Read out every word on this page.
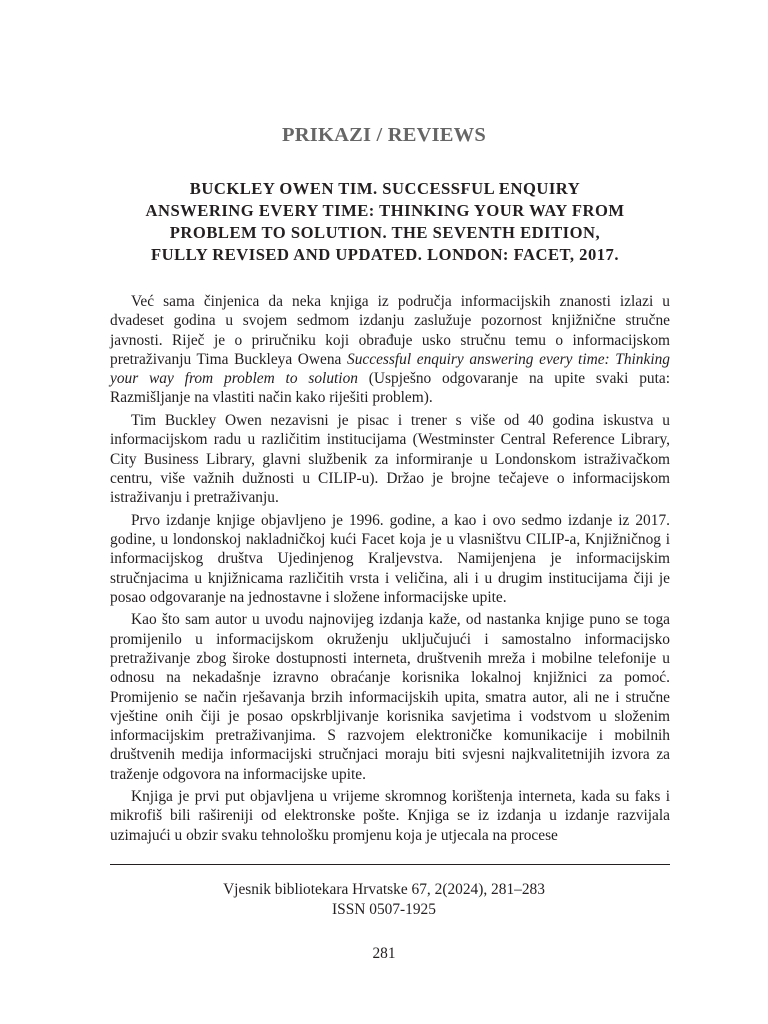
PRIKAZI / REVIEWS
BUCKLEY OWEN TIM. SUCCESSFUL ENQUIRY
ANSWERING EVERY TIME: THINKING YOUR WAY FROM
PROBLEM TO SOLUTION. THE SEVENTH EDITION,
FULLY REVISED AND UPDATED. LONDON: FACET, 2017.

Već sama činjenica da neka knjiga iz područja informacijskih znanosti izlazi u dvadeset godina u svojem sedmom izdanju zaslužuje pozornost knjižnične stručne javnosti. Riječ je o priručniku koji obrađuje usko stručnu temu o informacijskom pretraživanju Tima Buckleya Owena Successful enquiry answering every time: Thinking your way from problem to solution (Uspješno odgovaranje na upite svaki puta: Razmišljanje na vlastiti način kako riješiti problem).

Tim Buckley Owen nezavisni je pisac i trener s više od 40 godina iskustva u informacijskom radu u različitim institucijama (Westminster Central Reference Library, City Business Library, glavni službenik za informiranje u Londonskom istraživačkom centru, više važnih dužnosti u CILIP-u). Držao je brojne tečajeve o informacijskom istraživanju i pretraživanju.

Prvo izdanje knjige objavljeno je 1996. godine, a kao i ovo sedmo izdanje iz 2017. godine, u londonskoj nakladničkoj kući Facet koja je u vlasništvu CILIP-a, Knjižničnog i informacijskog društva Ujedinjenog Kraljevstva. Namijenjena je informacijskim stručnjacima u knjižnicama različitih vrsta i veličina, ali i u drugim institucijama čiji je posao odgovaranje na jednostavne i složene informacijske upite.

Kao što sam autor u uvodu najnovijeg izdanja kaže, od nastanka knjige puno se toga promijenilo u informacijskom okruženju uključujući i samostalno informacijsko pretraživanje zbog široke dostupnosti interneta, društvenih mreža i mobilne telefonije u odnosu na nekadašnje izravno obraćanje korisnika lokalnoj knjižnici za pomoć. Promijenio se način rješavanja brzih informacijskih upita, smatra autor, ali ne i stručne vještine onih čiji je posao opskrbljivanje korisnika savjetima i vodstvom u složenim informacijskim pretraživanjima. S razvojem elektroničke komunikacije i mobilnih društvenih medija informacijski stručnjaci moraju biti svjesni najkvalitetnijih izvora za traženje odgovora na informacijske upite.

Knjiga je prvi put objavljena u vrijeme skromnog korištenja interneta, kada su faks i mikrofiš bili rašireniji od elektronske pošte. Knjiga se iz izdanja u izdanje razvijala uzimajući u obzir svaku tehnološku promjenu koja je utjecala na procese

Vjesnik bibliotekara Hrvatske 67, 2(2024), 281–283
ISSN 0507-1925
281
